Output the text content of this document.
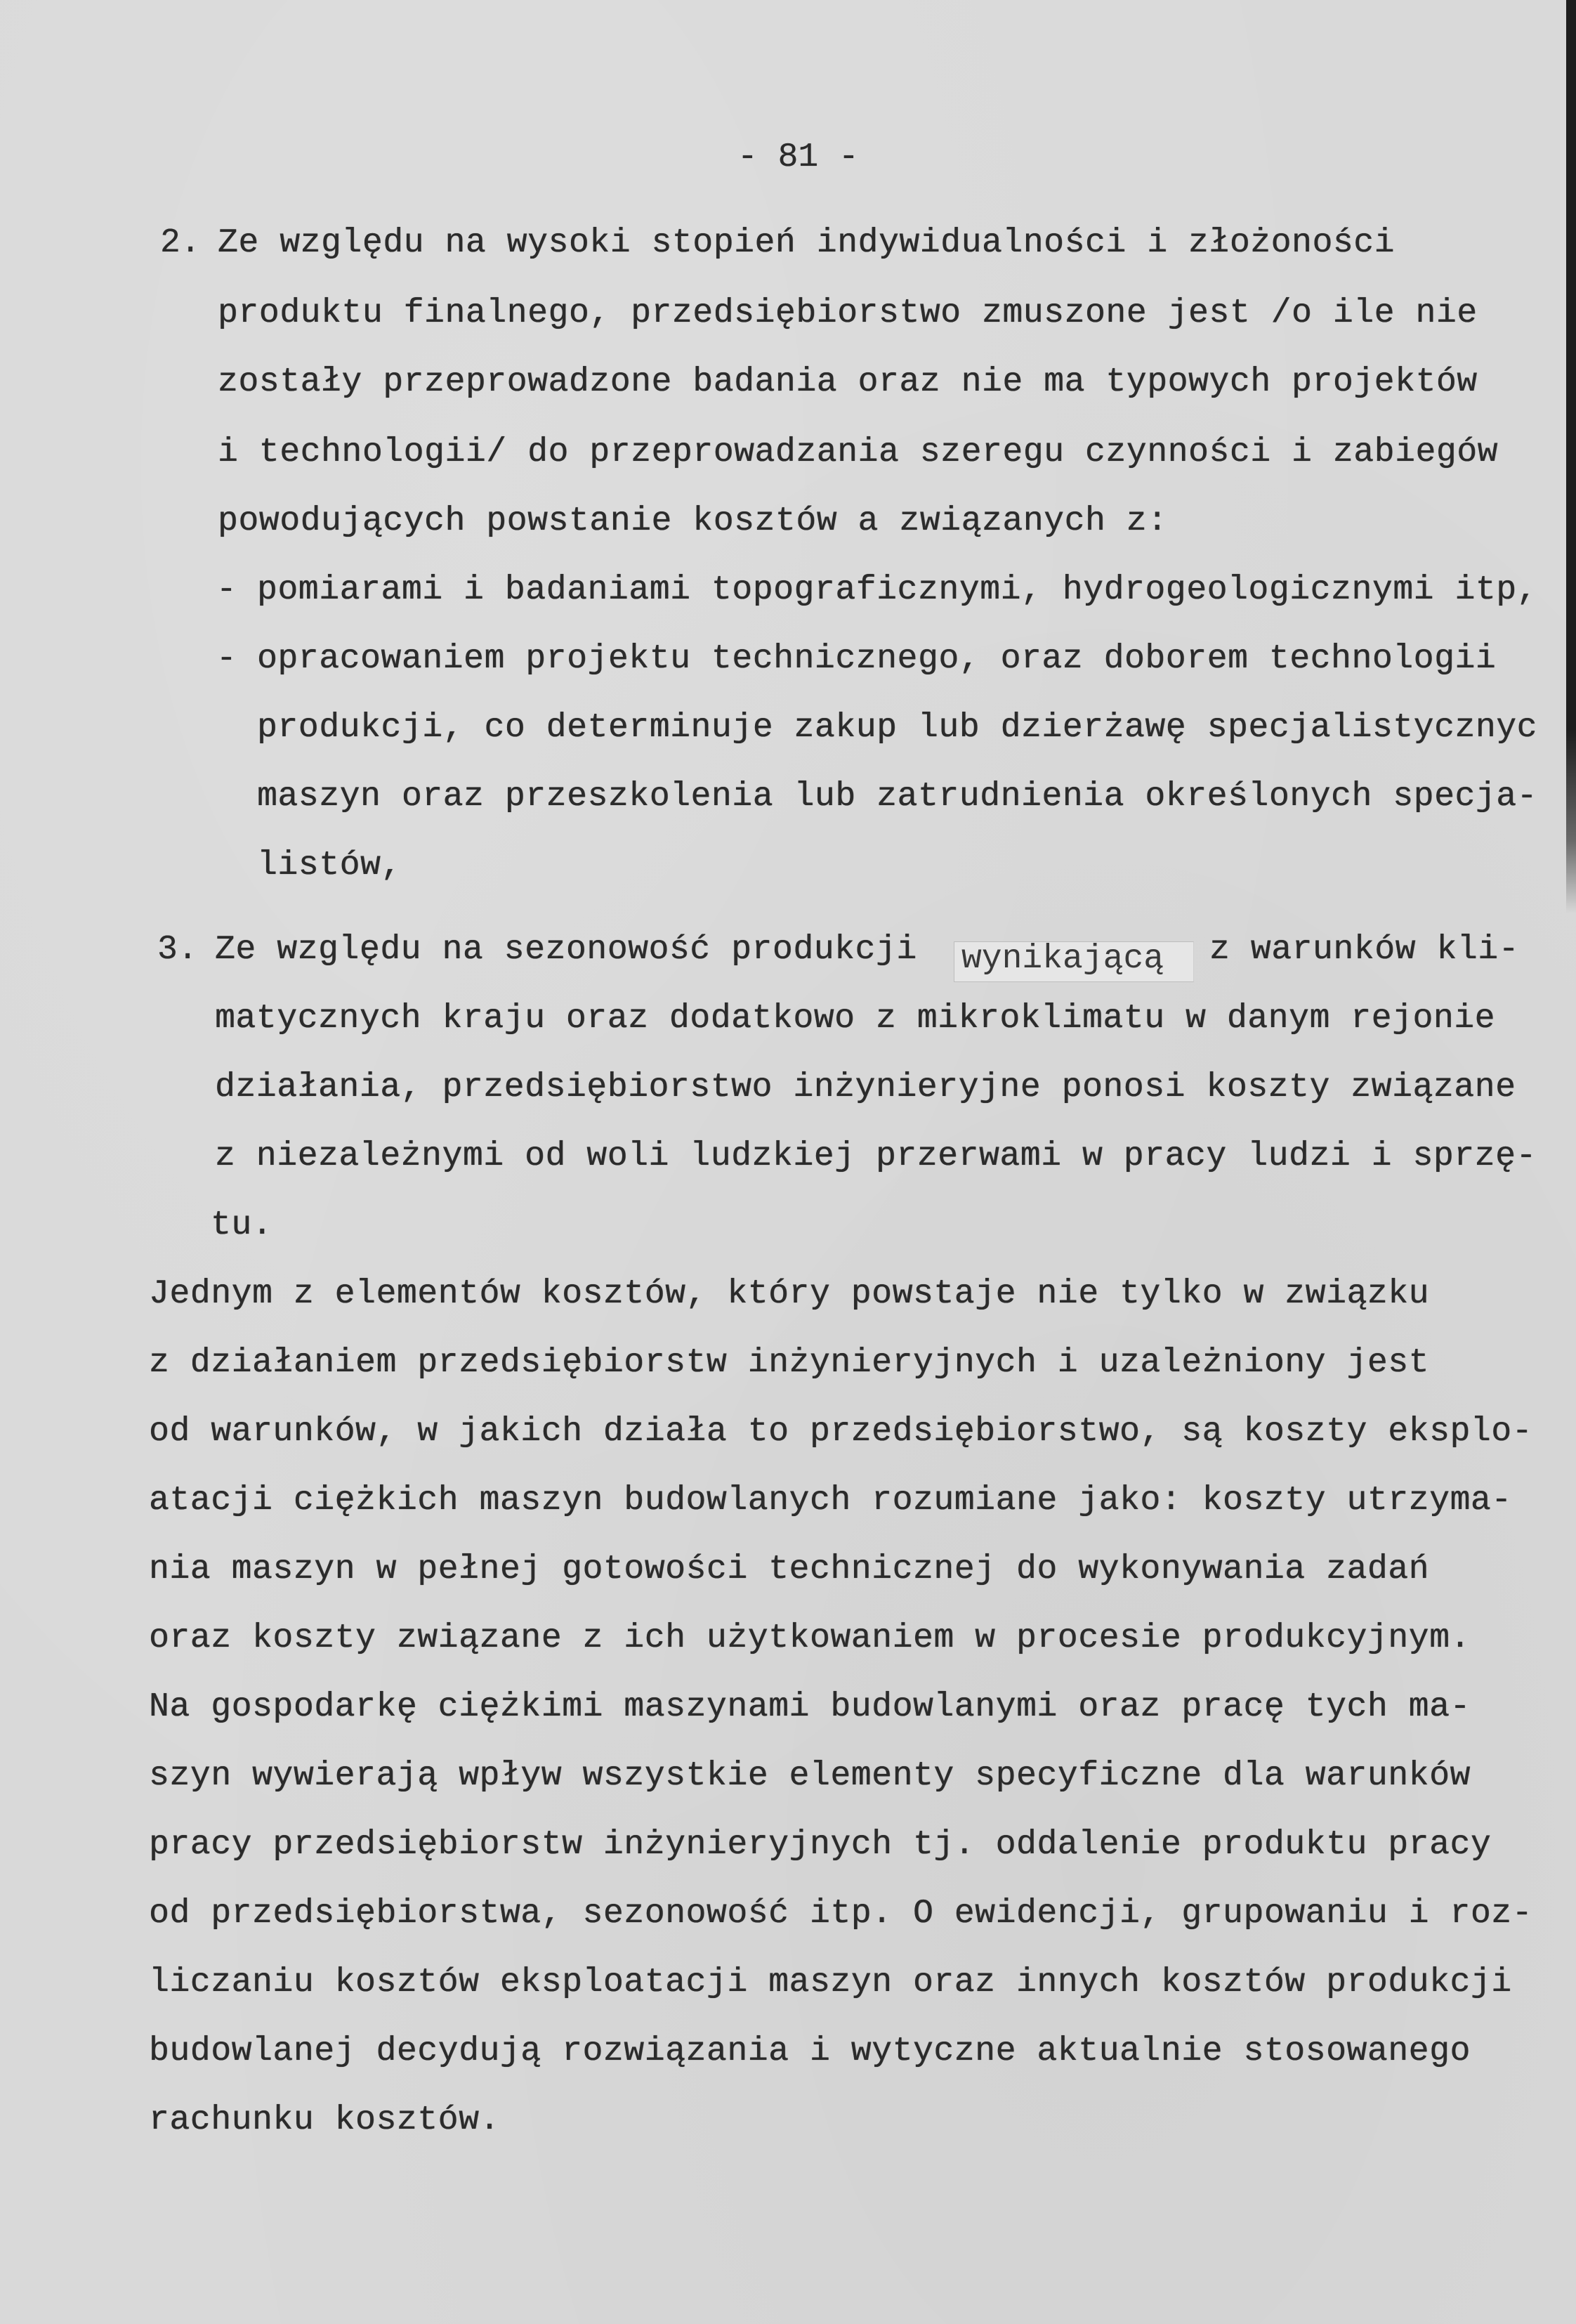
- 81 -
2. Ze względu na wysoki stopień indywidualności i złożoności
produktu finalnego, przedsiębiorstwo zmuszone jest /o ile nie
zostały przeprowadzone badania oraz nie ma typowych projektów
i technologii/ do przeprowadzania szeregu czynności i zabiegów
powodujących powstanie kosztów a związanych z:
- pomiarami i badaniami topograficznymi, hydrogeologicznymi itp,
- opracowaniem projektu technicznego, oraz doborem technologii
produkcji, co determinuje zakup lub dzierżawę specjalistycznyc
maszyn oraz przeszkolenia lub zatrudnienia określonych specja-
listów,
3. Ze względu na sezonowość produkcji wynikającą z warunków kli-
matycznych kraju oraz dodatkowo z mikroklimatu w danym rejonie
działania, przedsiębiorstwo inżynieryjne ponosi koszty związane
z niezależnymi od woli ludzkiej przerwami w pracy ludzi i sprzę-
tu.
Jednym z elementów kosztów, który powstaje nie tylko w związku
z działaniem przedsiębiorstw inżynieryjnych i uzależniony jest
od warunków, w jakich działa to przedsiębiorstwo, są koszty eksplo-
atacji ciężkich maszyn budowlanych rozumiane jako: koszty utrzyma-
nia maszyn w pełnej gotowości technicznej do wykonywania zadań
oraz koszty związane z ich użytkowaniem w procesie produkcyjnym.
Na gospodarkę ciężkimi maszynami budowlanymi oraz pracę tych ma-
szyn wywierają wpływ wszystkie elementy specyficzne dla warunków
pracy przedsiębiorstw inżynieryjnych tj. oddalenie produktu pracy
od przedsiębiorstwa, sezonowość itp. O ewidencji, grupowaniu i roz-
liczaniu kosztów eksploatacji maszyn oraz innych kosztów produkcji
budowlanej decydują rozwiązania i wytyczne aktualnie stosowanego
rachunku kosztów.
